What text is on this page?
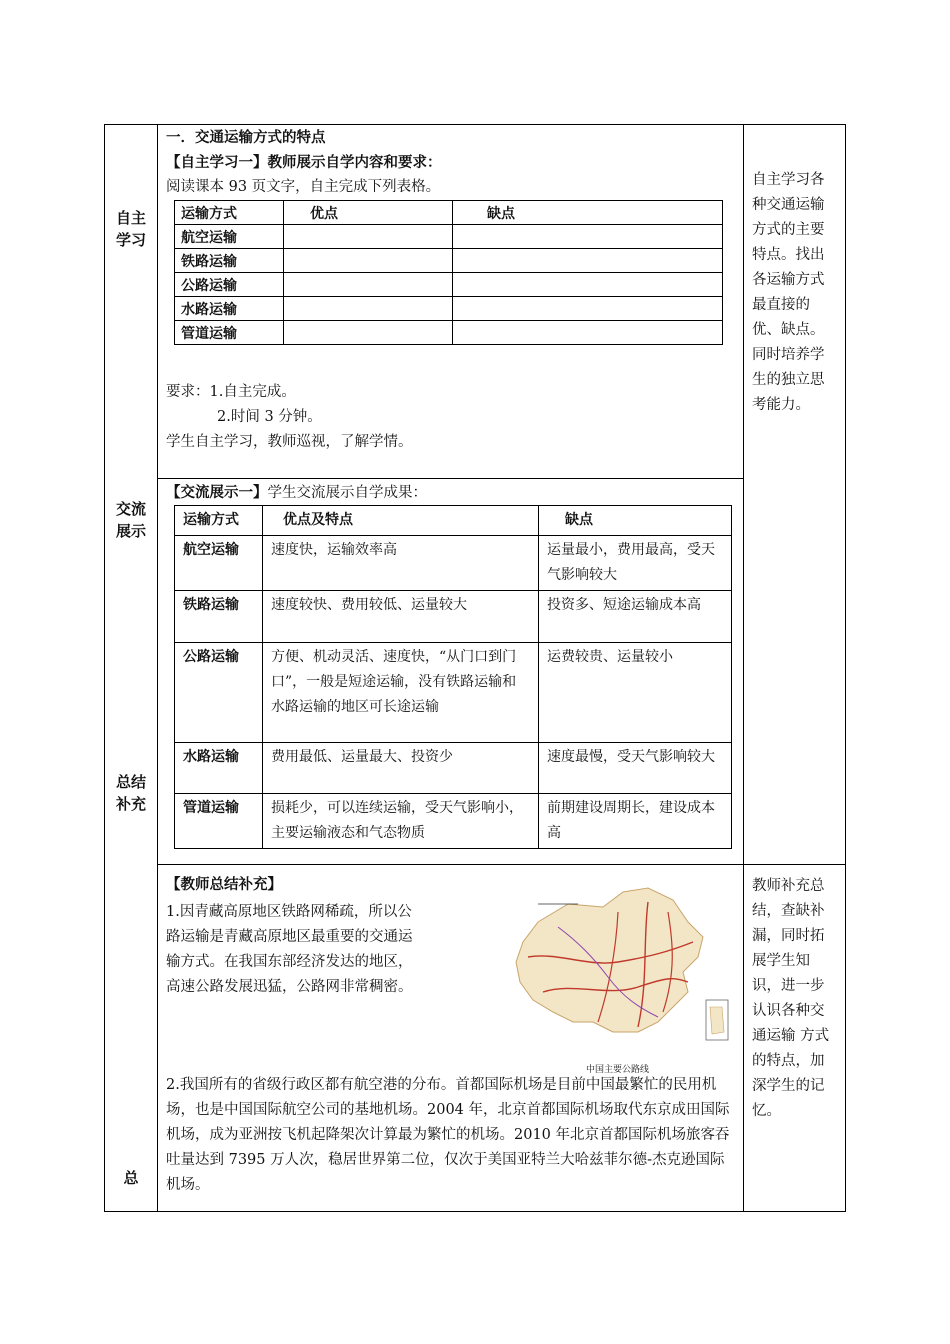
自主
学习
交流
展示
总结
补充
总
一．交通运输方式的特点
【自主学习一】教师展示自学内容和要求：
阅读课本 93 页文字，自主完成下列表格。
运输方式	优点	缺点
航空运输		
铁路运输		
公路运输		
水路运输		
管道运输		
要求：1.自主完成。
2.时间 3 分钟。
学生自主学习，教师巡视，了解学情。
【交流展示一】学生交流展示自学成果：
运输方式	优点及特点	缺点
航空运输	速度快，运输效率高	运量最小，费用最高，受天气影响较大
铁路运输	速度较快、费用较低、运量较大	投资多、短途运输成本高
公路运输	方便、机动灵活、速度快，“从门口到门口”，一般是短途运输，没有铁路运输和水路运输的地区可长途运输	运费较贵、运量较小
水路运输	费用最低、运量最大、投资少	速度最慢，受天气影响较大
管道运输	损耗少，可以连续运输，受天气影响小，主要运输液态和气态物质	前期建设周期长，建设成本高
【教师总结补充】
1.因青藏高原地区铁路网稀疏，所以公
路运输是青藏高原地区最重要的交通运
输方式。在我国东部经济发达的地区，
高速公路发展迅猛，公路网非常稠密。
中国主要公路线
2.我国所有的省级行政区都有航空港的分布。首都国际机场是目前中国最繁忙的民用机场，也是中国国际航空公司的基地机场。2004 年，北京首都国际机场取代东京成田国际机场，成为亚洲按飞机起降架次计算最为繁忙的机场。2010 年北京首都国际机场旅客吞吐量达到 7395 万人次，稳居世界第二位，仅次于美国亚特兰大哈兹菲尔德-杰克逊国际机场。
自主学习各种交通运输方式的主要特点。找出各运输方式最直接的优、缺点。同时培养学生的独立思考能力。
教师补充总结，查缺补漏，同时拓展学生知识，进一步认识各种交通运输 方式的特点，加深学生的记忆。
